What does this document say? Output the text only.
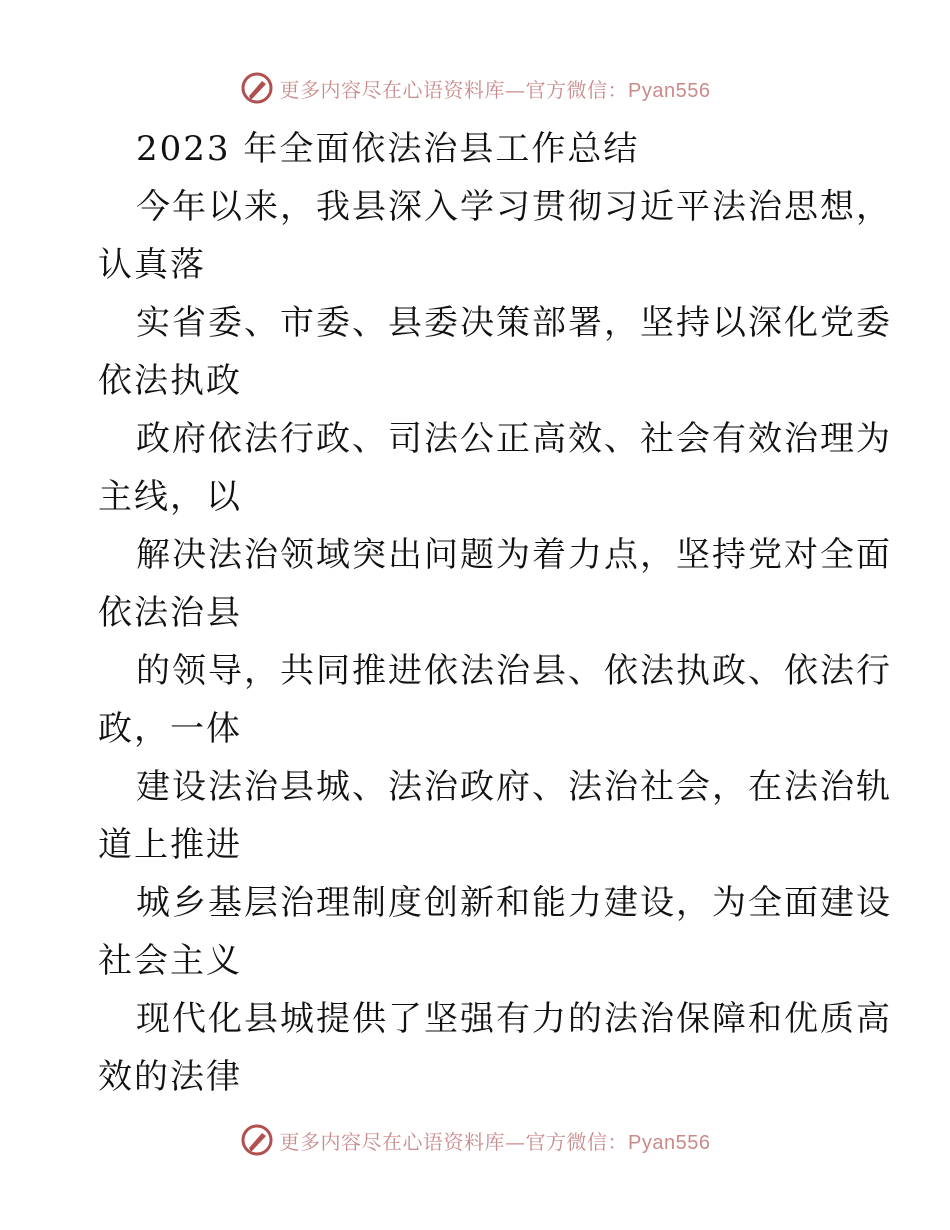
更多内容尽在心语资料库—官方微信：Pyan556
2023 年全面依法治县工作总结
今年以来，我县深入学习贯彻习近平法治思想，
认真落
实省委、市委、县委决策部署，坚持以深化党委
依法执政
政府依法行政、司法公正高效、社会有效治理为
主线，以
解决法治领域突出问题为着力点，坚持党对全面
依法治县
的领导，共同推进依法治县、依法执政、依法行
政，一体
建设法治县城、法治政府、法治社会，在法治轨
道上推进
城乡基层治理制度创新和能力建设，为全面建设
社会主义
现代化县城提供了坚强有力的法治保障和优质高
效的法律
更多内容尽在心语资料库—官方微信：Pyan556
